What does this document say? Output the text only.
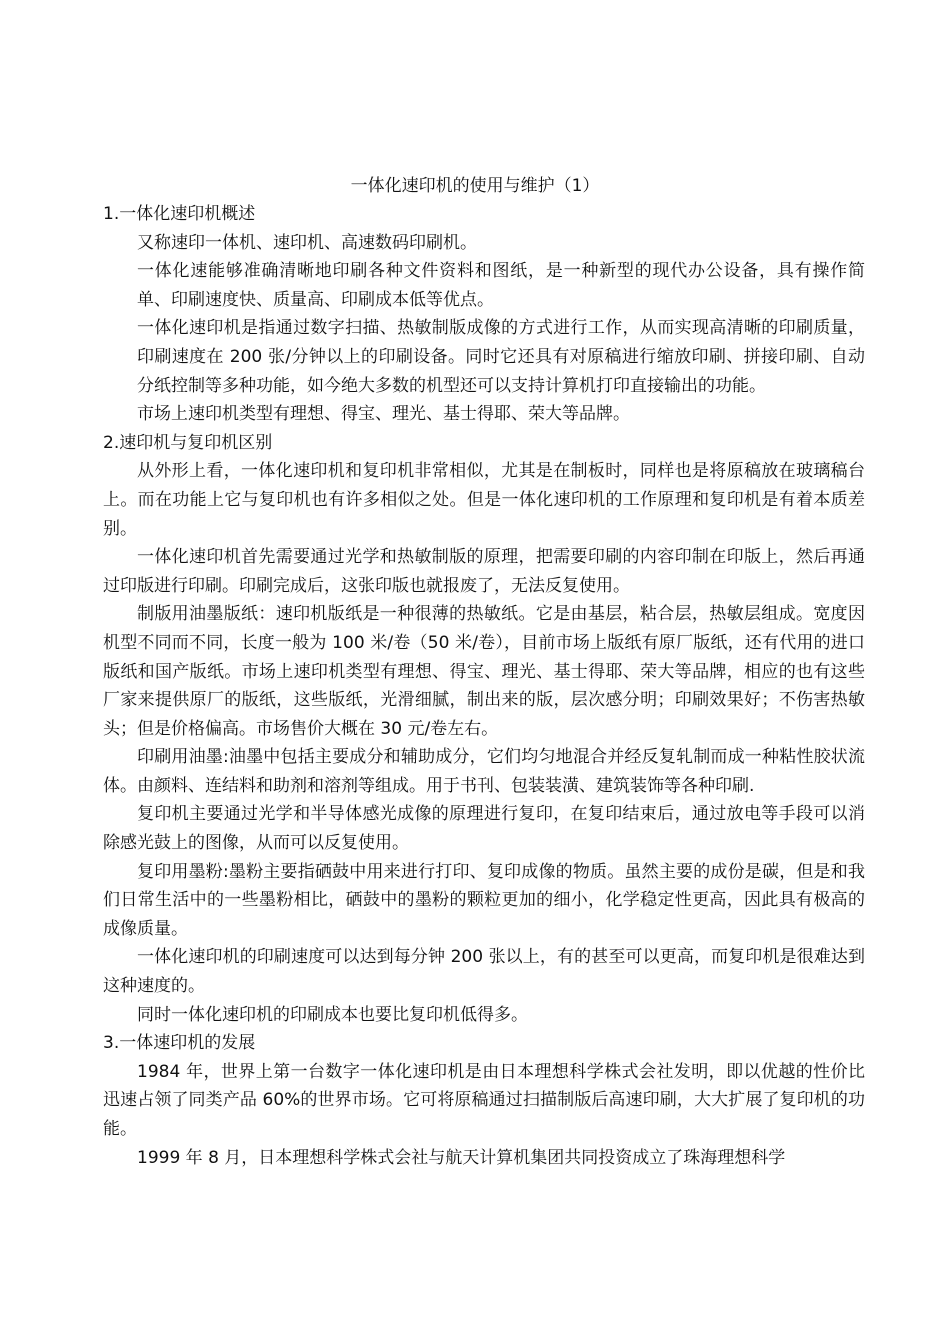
一体化速印机的使用与维护（1）
1.一体化速印机概述

又称速印一体机、速印机、高速数码印刷机。

一体化速能够准确清晰地印刷各种文件资料和图纸，是一种新型的现代办公设备，具有操作简单、印刷速度快、质量高、印刷成本低等优点。

一体化速印机是指通过数字扫描、热敏制版成像的方式进行工作，从而实现高清晰的印刷质量，印刷速度在 200 张/分钟以上的印刷设备。同时它还具有对原稿进行缩放印刷、拼接印刷、自动分纸控制等多种功能，如今绝大多数的机型还可以支持计算机打印直接输出的功能。

市场上速印机类型有理想、得宝、理光、基士得耶、荣大等品牌。

2.速印机与复印机区别

从外形上看，一体化速印机和复印机非常相似，尤其是在制板时，同样也是将原稿放在玻璃稿台上。而在功能上它与复印机也有许多相似之处。但是一体化速印机的工作原理和复印机是有着本质差别。

一体化速印机首先需要通过光学和热敏制版的原理，把需要印刷的内容印制在印版上，然后再通过印版进行印刷。印刷完成后，这张印版也就报废了，无法反复使用。

制版用油墨版纸：速印机版纸是一种很薄的热敏纸。它是由基层，粘合层，热敏层组成。宽度因机型不同而不同，长度一般为 100 米/卷（50 米/卷），目前市场上版纸有原厂版纸，还有代用的进口版纸和国产版纸。市场上速印机类型有理想、得宝、理光、基士得耶、荣大等品牌，相应的也有这些厂家来提供原厂的版纸，这些版纸，光滑细腻，制出来的版，层次感分明；印刷效果好；不伤害热敏头；但是价格偏高。市场售价大概在 30 元/卷左右。

印刷用油墨:油墨中包括主要成分和辅助成分，它们均匀地混合并经反复轧制而成一种粘性胶状流体。由颜料、连结料和助剂和溶剂等组成。用于书刊、包装装潢、建筑装饰等各种印刷.

复印机主要通过光学和半导体感光成像的原理进行复印，在复印结束后，通过放电等手段可以消除感光鼓上的图像，从而可以反复使用。

复印用墨粉:墨粉主要指硒鼓中用来进行打印、复印成像的物质。虽然主要的成份是碳，但是和我们日常生活中的一些墨粉相比，硒鼓中的墨粉的颗粒更加的细小，化学稳定性更高，因此具有极高的成像质量。

一体化速印机的印刷速度可以达到每分钟 200 张以上，有的甚至可以更高，而复印机是很难达到这种速度的。

同时一体化速印机的印刷成本也要比复印机低得多。

3.一体速印机的发展

1984 年，世界上第一台数字一体化速印机是由日本理想科学株式会社发明，即以优越的性价比迅速占领了同类产品 60%的世界市场。它可将原稿通过扫描制版后高速印刷，大大扩展了复印机的功能。

1999 年 8 月，日本理想科学株式会社与航天计算机集团共同投资成立了珠海理想科学
